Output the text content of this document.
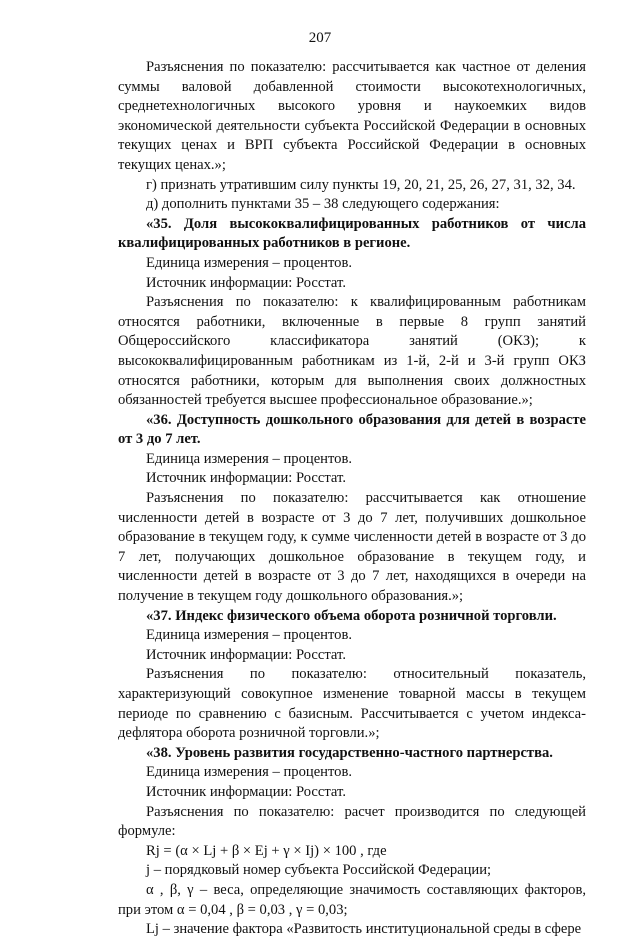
207

Разъяснения по показателю: рассчитывается как частное от деления суммы валовой добавленной стоимости высокотехнологичных, среднетехнологичных высокого уровня и наукоемких видов экономической деятельности субъекта Российской Федерации в основных текущих ценах и ВРП субъекта Российской Федерации в основных текущих ценах.»;

г) признать утратившим силу пункты 19, 20, 21, 25, 26, 27, 31, 32, 34.

д) дополнить пунктами 35 – 38 следующего содержания:

«35. Доля высококвалифицированных работников от числа квалифицированных работников в регионе.

Единица измерения – процентов.

Источник информации: Росстат.

Разъяснения по показателю: к квалифицированным работникам относятся работники, включенные в первые 8 групп занятий Общероссийского классификатора занятий (ОКЗ); к высококвалифицированным работникам из 1-й, 2-й и 3-й групп ОКЗ относятся работники, которым для выполнения своих должностных обязанностей требуется высшее профессиональное образование.»;

«36. Доступность дошкольного образования для детей в возрасте от 3 до 7 лет.

Единица измерения – процентов.

Источник информации: Росстат.

Разъяснения по показателю: рассчитывается как отношение численности детей в возрасте от 3 до 7 лет, получивших дошкольное образование в текущем году, к сумме численности детей в возрасте от 3 до 7 лет, получающих дошкольное образование в текущем году, и численности детей в возрасте от 3 до 7 лет, находящихся в очереди на получение в текущем году дошкольного образования.»;

«37. Индекс физического объема оборота розничной торговли.

Единица измерения – процентов.

Источник информации: Росстат.

Разъяснения по показателю: относительный показатель, характеризующий совокупное изменение товарной массы в текущем периоде по сравнению с базисным. Рассчитывается с учетом индекса-дефлятора оборота розничной торговли.»;

«38. Уровень развития государственно-частного партнерства.

Единица измерения – процентов.

Источник информации: Росстат.

Разъяснения по показателю: расчет производится по следующей формуле:

Rj = (α × Lj + β × Ej + γ × Ij) × 100 , где

j – порядковый номер субъекта Российской Федерации;

α , β, γ – веса, определяющие значимость составляющих факторов, при этом α = 0,04 , β = 0,03 , γ = 0,03;

Lj – значение фактора «Развитость институциональной среды в сфере
